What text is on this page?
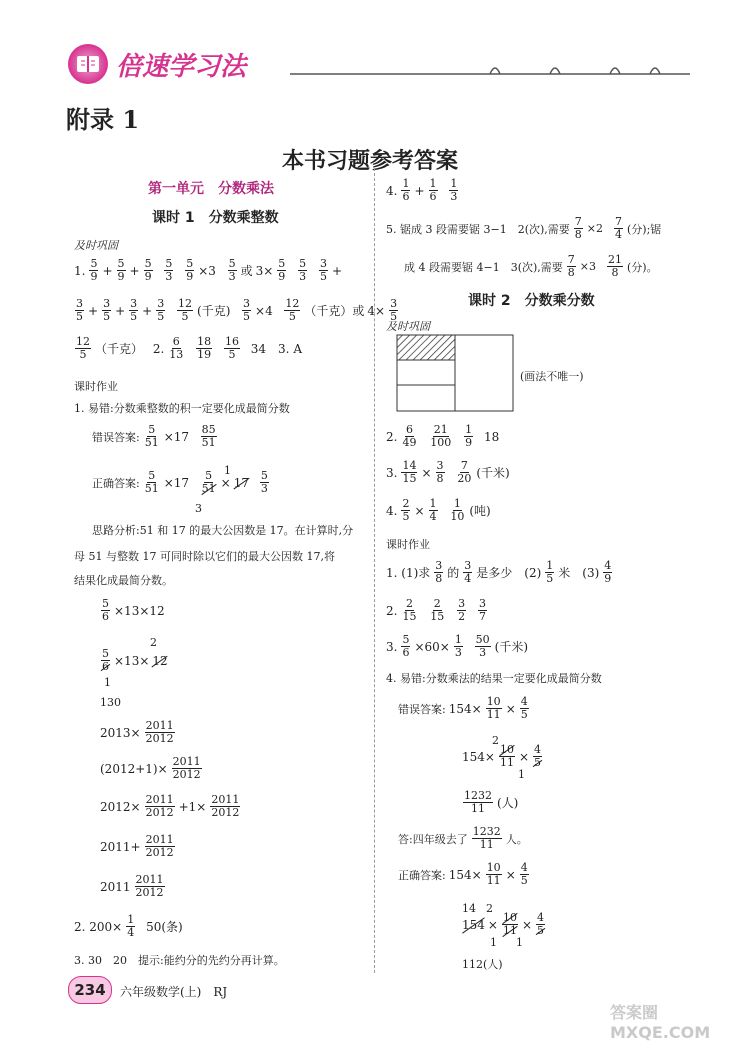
倍速学习法
附录 1
本书习题参考答案
第一单元　分数乘法
课时 1　分数乘整数
及时巩固
1. $\frac{5}{9} + \frac{5}{9} + \frac{5}{9}$
$\frac{5}{3}$
$\frac{5}{9} \times 3 \frac{5}{3}$ 或 $3\times \frac{5}{9}$
$\frac{5}{3}$
$\frac{3}{5}$ +
$\frac{3}{5} + \frac{3}{5} + \frac{3}{5} + \frac{3}{5}$
$\frac{12}{5}$ (千克) $\frac{3}{5} \times 4 \frac{12}{5}$ （千克）或 $4\times \frac{3}{5}$
$\frac{12}{5}$ （千克）
2. $\frac{6}{13}$
$\frac{18}{19}$
$\frac{16}{5}$
34　3. A
课时作业
1. 易错:分数乘整数的积一定要化成最简分数
错误答案: $\frac{5}{51} \times 17 \frac{85}{51}$
正确答案: $\frac{5}{51} \times 17 \frac{5}{51} \times 17$
$\frac{5}{3}$
1
3
思路分析:51 和 17 的最大公因数是 17。在计算时,分
母 51 与整数 17 可同时除以它们的最大公因数 17,将
结果化成最简分数。
$\frac{5}{6} \times 13\times 12$
$\frac{5}{6} \times 13\times 12$
2
1
130
$2013\times \frac{2011}{2012}$
$(2012+1)\times \frac{2011}{2012}$
$2012\times \frac{2011}{2012} +1\times \frac{2011}{2012}$
$2011+ \frac{2011}{2012}$
$2011 \frac{2011}{2012}$
2. $200\times \frac{1}{4}$
50(条)
3. 30　20　提示:能约分的先约分再计算。
4. $\frac{1}{6} + \frac{1}{6}$
$\frac{1}{3}$
5. 锯成 3 段需要锯 3−1　2(次),需要 $\frac{7}{8} \times 2 \frac{7}{4}$ (分);锯
成 4 段需要锯 4−1　3(次),需要 $\frac{7}{8} \times 3 \frac{21}{8}$ (分)。
课时 2　分数乘分数
及时巩固
(画法不唯一)
2. $\frac{6}{49}$
$\frac{21}{100}$
$\frac{1}{9}$
18
3. $\frac{14}{15} \times \frac{3}{8}$
$\frac{7}{20}$ (千米)
4. $\frac{2}{5} \times \frac{1}{4}$
$\frac{1}{10}$ (吨)
课时作业
1. (1)求 $\frac{3}{8}$ 的 $\frac{3}{4}$ 是多少　$(2) \frac{1}{5}$ 米　$(3) \frac{4}{9}$
2. $\frac{2}{15}$
$\frac{2}{15}$
$\frac{3}{2}$
$\frac{3}{7}$
3. $\frac{5}{6} \times 60\times \frac{1}{3}$
$\frac{50}{3}$ (千米)
4. 易错:分数乘法的结果一定要化成最简分数
错误答案: $154\times \frac{10}{11} \times \frac{4}{5}$
$154\times \frac{10}{11} \times \frac{4}{5}$
2
1
$\frac{1232}{11}$ (人)
答:四年级去了 $\frac{1232}{11}$ 人。
正确答案: $154\times \frac{10}{11} \times \frac{4}{5}$
$154 \times \frac{10}{11} \times \frac{4}{5}$
14 2
1 1
112(人)
234 六年级数学(上)　RJ
答案圈 MXQE.COM
